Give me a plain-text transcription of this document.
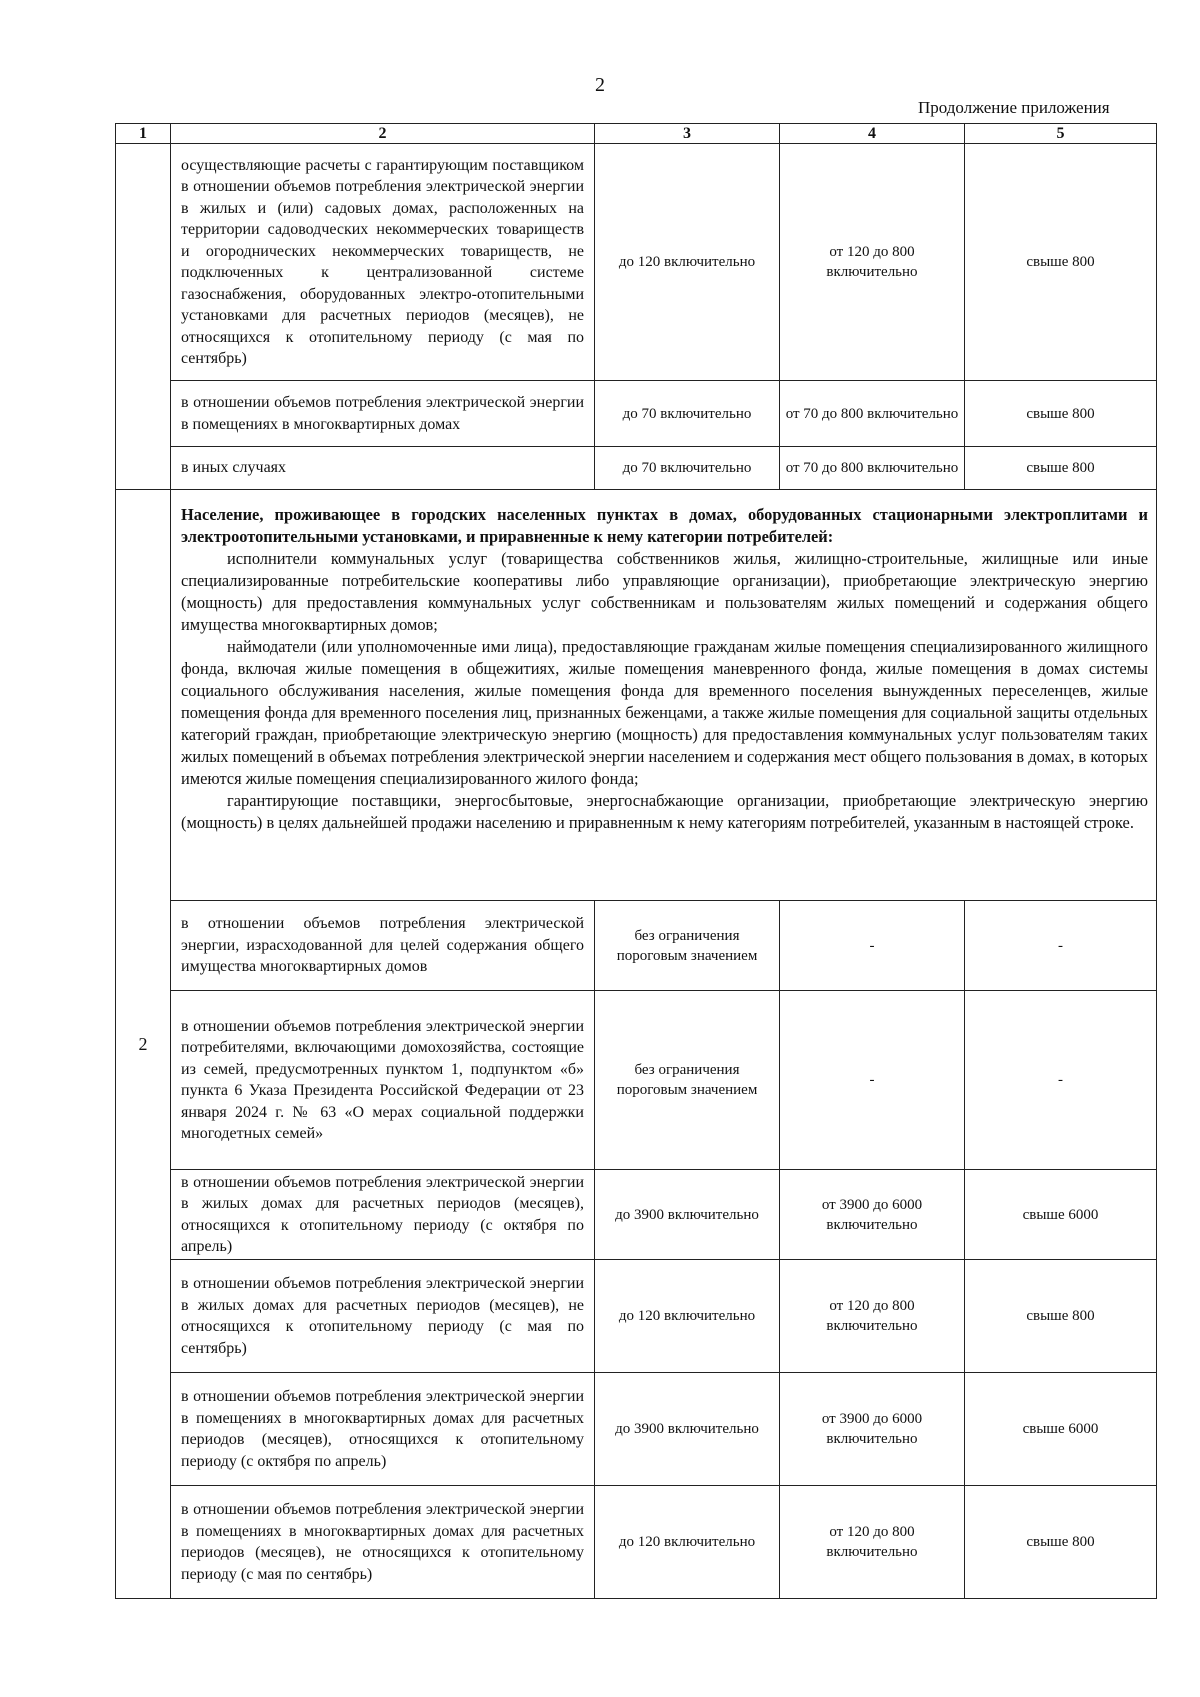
2
Продолжение приложения
1	2	3	4	5
	осуществляющие расчеты с гарантирующим поставщиком в отношении объемов потребления электрической энергии в жилых и (или) садовых домах, расположенных на территории садоводческих некоммерческих товариществ и огороднических некоммерческих товариществ, не подключенных к централизованной системе газоснабжения, оборудованных электро-отопительными установками для расчетных периодов (месяцев), не относящихся к отопительному периоду (с мая по сентябрь)	до 120 включительно	от 120 до 800 включительно	свыше 800
	в отношении объемов потребления электрической энергии в помещениях в многоквартирных домах	до 70 включительно	от 70 до 800 включительно	свыше 800
	в иных случаях	до 70 включительно	от 70 до 800 включительно	свыше 800
2	Население, проживающее в городских населенных пунктах в домах, оборудованных стационарными электроплитами и электроотопительными установками, и приравненные к нему категории потребителей:

исполнители коммунальных услуг (товарищества собственников жилья, жилищно-строительные, жилищные или иные специализированные потребительские кооперативы либо управляющие организации), приобретающие электрическую энергию (мощность) для предоставления коммунальных услуг собственникам и пользователям жилых помещений и содержания общего имущества многоквартирных домов;

наймодатели (или уполномоченные ими лица), предоставляющие гражданам жилые помещения специализированного жилищного фонда, включая жилые помещения в общежитиях, жилые помещения маневренного фонда, жилые помещения в домах системы социального обслуживания населения, жилые помещения фонда для временного поселения вынужденных переселенцев, жилые помещения фонда для временного поселения лиц, признанных беженцами, а также жилые помещения для социальной защиты отдельных категорий граждан, приобретающие электрическую энергию (мощность) для предоставления коммунальных услуг пользователям таких жилых помещений в объемах потребления электрической энергии населением и содержания мест общего пользования в домах, в которых имеются жилые помещения специализированного жилого фонда;

гарантирующие поставщики, энергосбытовые, энергоснабжающие организации, приобретающие электрическую энергию (мощность) в целях дальнейшей продажи населению и приравненным к нему категориям потребителей, указанным в настоящей строке.			

	в отношении объемов потребления электрической энергии, израсходованной для целей содержания общего имущества многоквартирных домов	без ограничения пороговым значением	-	-
	в отношении объемов потребления электрической энергии потребителями, включающими домохозяйства, состоящие из семей, предусмотренных пунктом 1, подпунктом «б» пункта 6 Указа Президента Российской Федерации от 23 января 2024 г. № 63 «О мерах социальной поддержки многодетных семей»	без ограничения пороговым значением	-	-
	в отношении объемов потребления электрической энергии в жилых домах для расчетных периодов (месяцев), относящихся к отопительному периоду (с октября по апрель)	до 3900 включительно	от 3900 до 6000 включительно	свыше 6000
	в отношении объемов потребления электрической энергии в жилых домах для расчетных периодов (месяцев), не относящихся к отопительному периоду (с мая по сентябрь)	до 120 включительно	от 120 до 800 включительно	свыше 800
	в отношении объемов потребления электрической энергии в помещениях в многоквартирных домах для расчетных периодов (месяцев), относящихся к отопительному периоду (с октября по апрель)	до 3900 включительно	от 3900 до 6000 включительно	свыше 6000
	в отношении объемов потребления электрической энергии в помещениях в многоквартирных домах для расчетных периодов (месяцев), не относящихся к отопительному периоду (с мая по сентябрь)	до 120 включительно	от 120 до 800 включительно	свыше 800
